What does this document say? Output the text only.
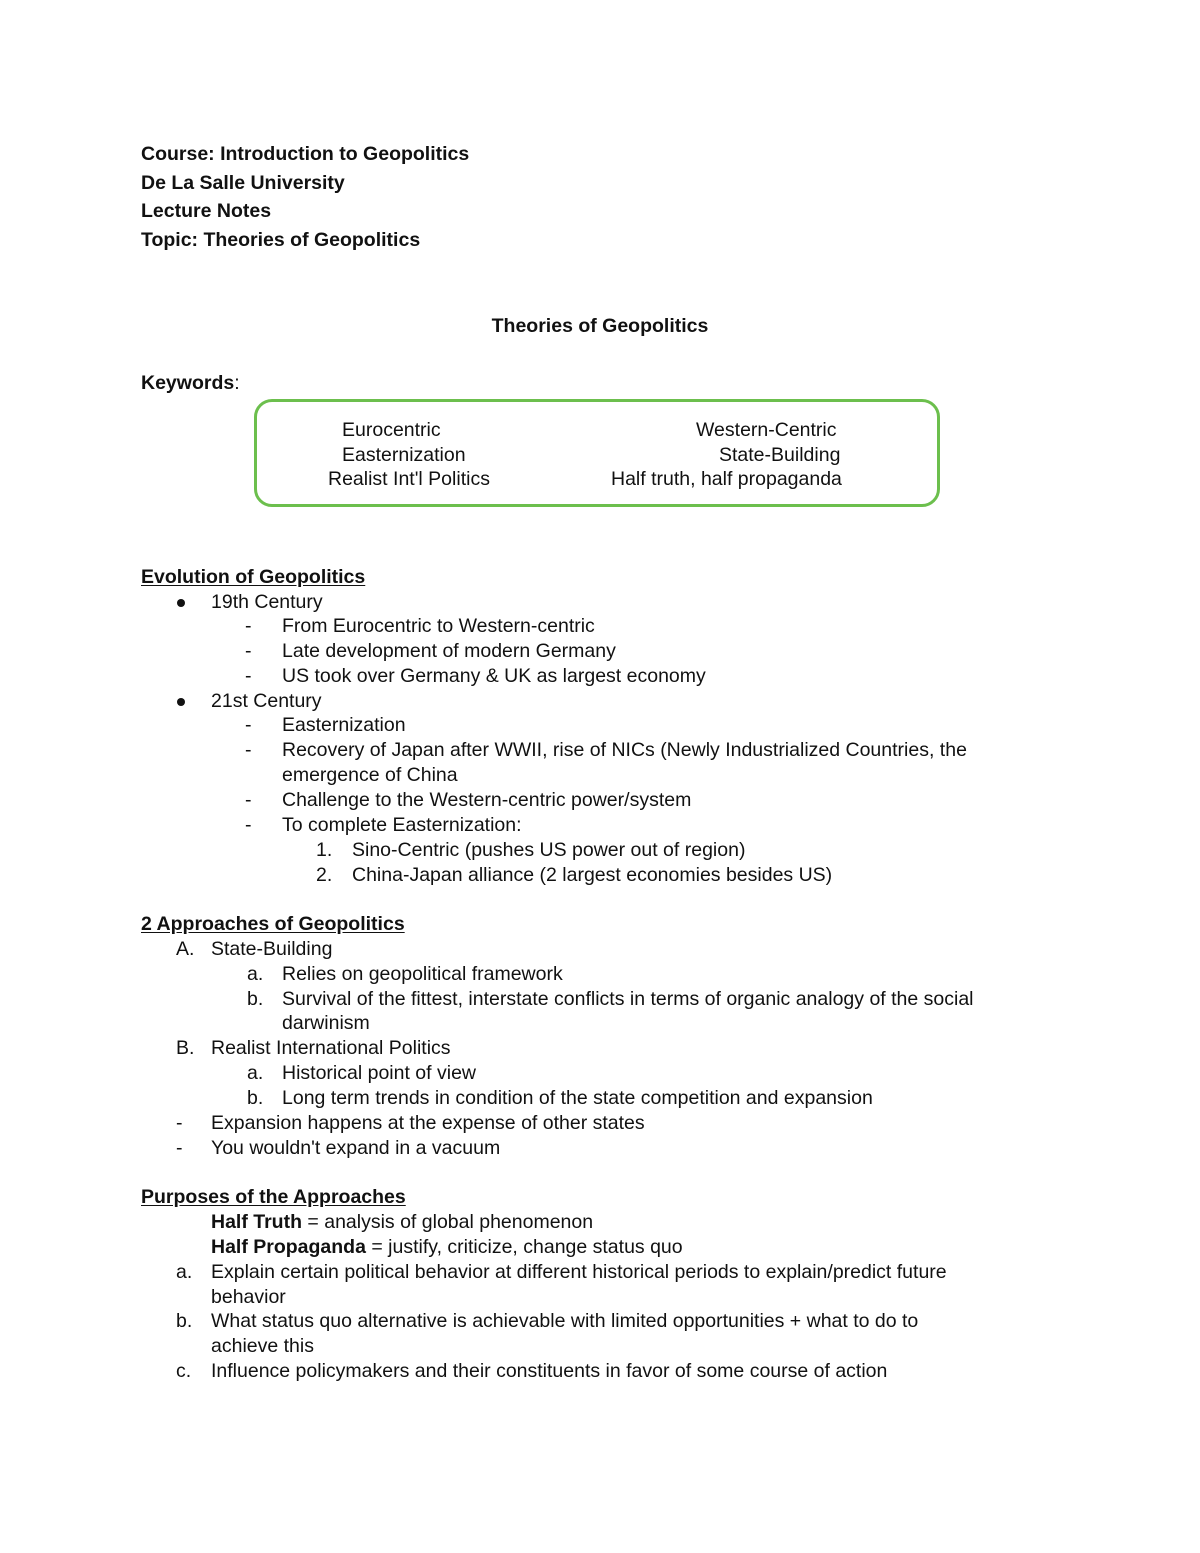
Course: Introduction to Geopolitics
De La Salle University
Lecture Notes
Topic: Theories of Geopolitics
Theories of Geopolitics
Keywords:
Eurocentric
Easternization
Realist Int'l Politics
Western-Centric
State-Building
Half truth, half propaganda
Evolution of Geopolitics
19th Century
- From Eurocentric to Western-centric
- Late development of modern Germany
- US took over Germany & UK as largest economy
21st Century
- Easternization
- Recovery of Japan after WWII, rise of NICs (Newly Industrialized Countries, the
emergence of China
- Challenge to the Western-centric power/system
- To complete Easternization:
1. Sino-Centric (pushes US power out of region)
2. China-Japan alliance (2 largest economies besides US)
2 Approaches of Geopolitics
A. State-Building
a. Relies on geopolitical framework
b. Survival of the fittest, interstate conflicts in terms of organic analogy of the social
darwinism
B. Realist International Politics
a. Historical point of view
b. Long term trends in condition of the state competition and expansion
- Expansion happens at the expense of other states
- You wouldn't expand in a vacuum
Purposes of the Approaches
Half Truth = analysis of global phenomenon
Half Propaganda = justify, criticize, change status quo
a. Explain certain political behavior at different historical periods to explain/predict future
behavior
b. What status quo alternative is achievable with limited opportunities + what to do to
achieve this
c. Influence policymakers and their constituents in favor of some course of action
